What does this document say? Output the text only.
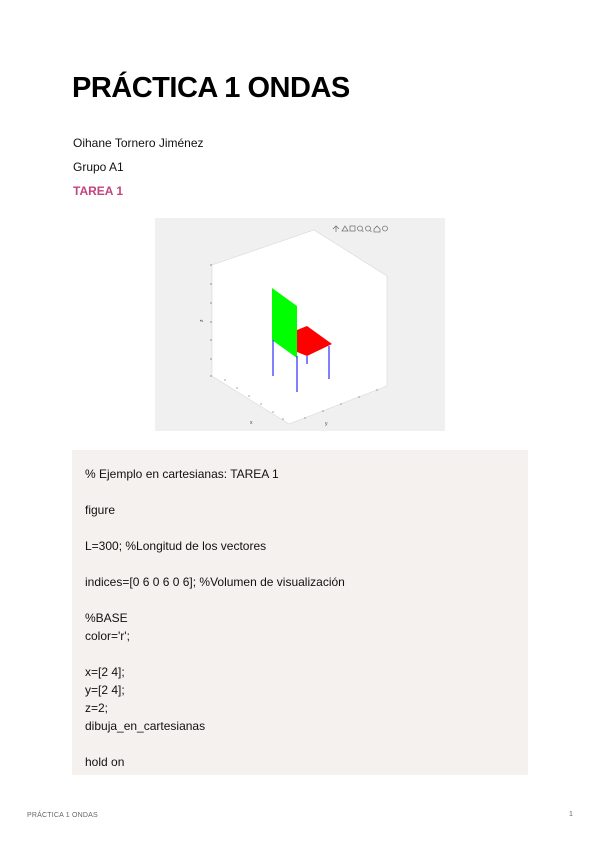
PRÁCTICA 1 ONDAS
Oihane Tornero Jiménez
Grupo A1
TAREA 1
z
x	y
% Ejemplo en cartesianas: TAREA 1
figure
L=300; %Longitud de los vectores
indices=[0 6 0 6 0 6]; %Volumen de visualización
%BASE
color='r';
x=[2 4];
y=[2 4];
z=2;
dibuja_en_cartesianas
hold on
PRÁCTICA 1 ONDAS	1
